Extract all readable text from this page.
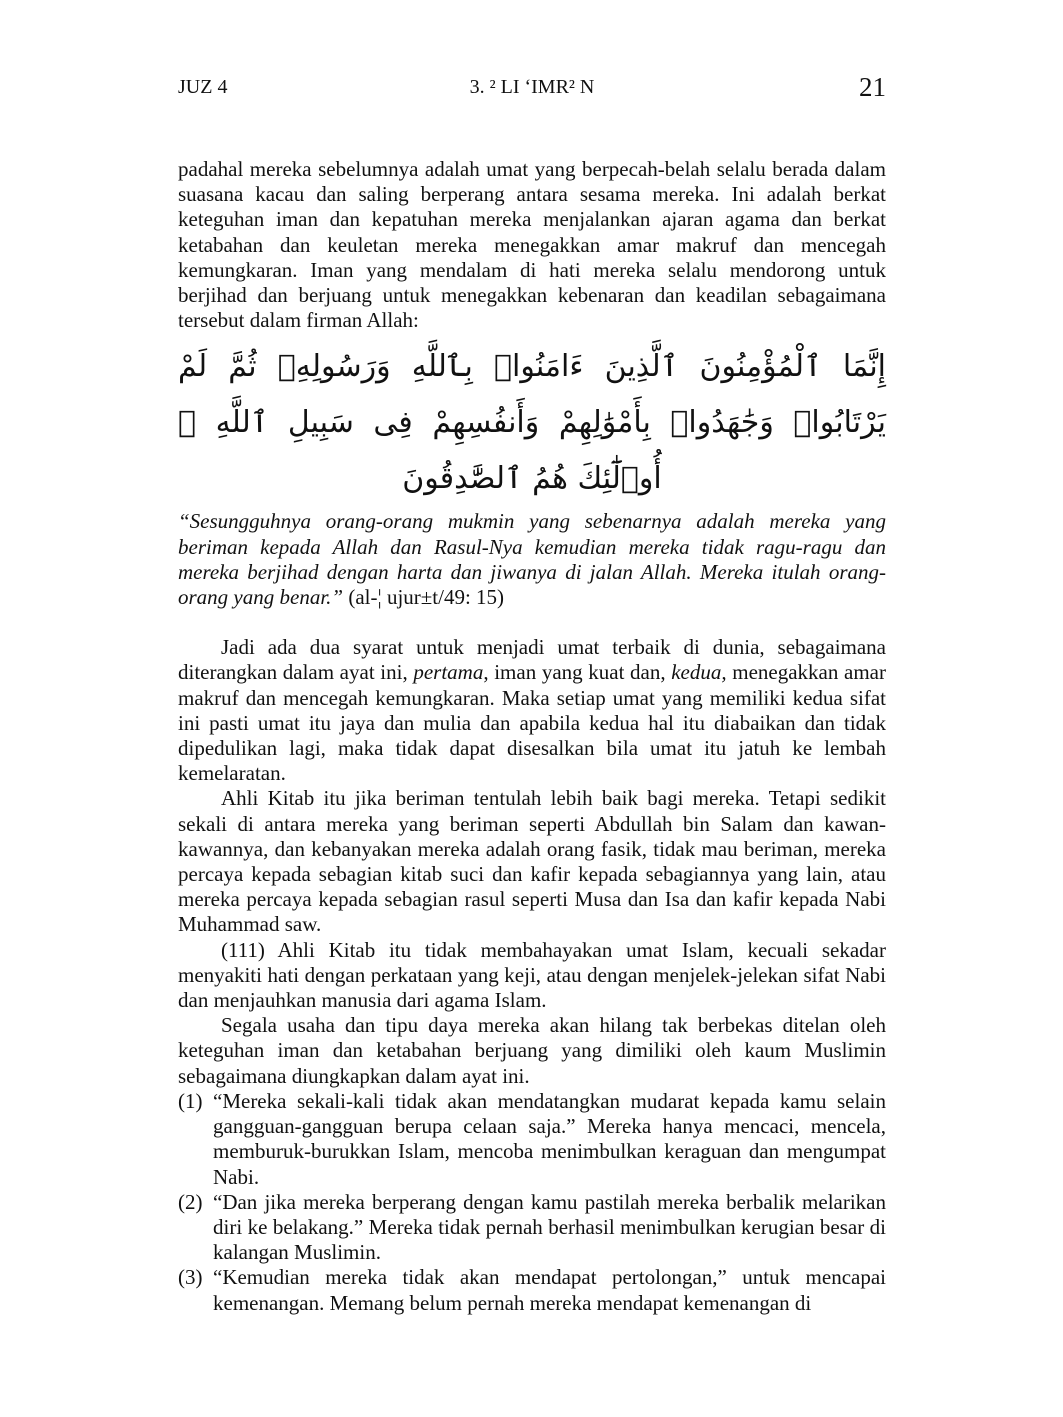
JUZ 4	3. ² LI ‘IMR² N	21

padahal mereka sebelumnya adalah umat yang berpecah-belah selalu berada dalam suasana kacau dan saling berperang antara sesama mereka. Ini adalah berkat keteguhan iman dan kepatuhan mereka menjalankan ajaran agama dan berkat ketabahan dan keuletan mereka menegakkan amar makruf dan mencegah kemungkaran. Iman yang mendalam di hati mereka selalu mendorong untuk berjihad dan berjuang untuk menegakkan kebenaran dan keadilan sebagaimana tersebut dalam firman Allah:

إِنَّمَا ٱلْمُؤْمِنُونَ ٱلَّذِينَ ءَامَنُوا۟ بِٱللَّهِ وَرَسُولِهِۦ ثُمَّ لَمْ يَرْتَابُوا۟ وَجَٰهَدُوا۟ بِأَمْوَٰلِهِمْ وَأَنفُسِهِمْ فِى سَبِيلِ ٱللَّهِ ۚ أُو۟لَٰٓئِكَ هُمُ ٱلصَّٰدِقُونَ

“Sesungguhnya orang-orang mukmin yang sebenarnya adalah mereka yang beriman kepada Allah dan Rasul-Nya kemudian mereka tidak ragu-ragu dan mereka berjihad dengan harta dan jiwanya di jalan Allah. Mereka itulah orang-orang yang benar.” (al-¦ ujur±t/49: 15)

Jadi ada dua syarat untuk menjadi umat terbaik di dunia, sebagaimana diterangkan dalam ayat ini, pertama, iman yang kuat dan, kedua, menegakkan amar makruf dan mencegah kemungkaran. Maka setiap umat yang memiliki kedua sifat ini pasti umat itu jaya dan mulia dan apabila kedua hal itu diabaikan dan tidak dipedulikan lagi, maka tidak dapat disesalkan bila umat itu jatuh ke lembah kemelaratan.

Ahli Kitab itu jika beriman tentulah lebih baik bagi mereka. Tetapi sedikit sekali di antara mereka yang beriman seperti Abdullah bin Salam dan kawan-kawannya, dan kebanyakan mereka adalah orang fasik, tidak mau beriman, mereka percaya kepada sebagian kitab suci dan kafir kepada sebagiannya yang lain, atau mereka percaya kepada sebagian rasul seperti Musa dan Isa dan kafir kepada Nabi Muhammad saw.

(111) Ahli Kitab itu tidak membahayakan umat Islam, kecuali sekadar menyakiti hati dengan perkataan yang keji, atau dengan menjelek-jelekan sifat Nabi dan menjauhkan manusia dari agama Islam.

Segala usaha dan tipu daya mereka akan hilang tak berbekas ditelan oleh keteguhan iman dan ketabahan berjuang yang dimiliki oleh kaum Muslimin sebagaimana diungkapkan dalam ayat ini.

(1) “Mereka sekali-kali tidak akan mendatangkan mudarat kepada kamu selain gangguan-gangguan berupa celaan saja.” Mereka hanya mencaci, mencela, memburuk-burukkan Islam, mencoba menimbulkan keraguan dan mengumpat Nabi.
(2) “Dan jika mereka berperang dengan kamu pastilah mereka berbalik melarikan diri ke belakang.” Mereka tidak pernah berhasil menimbulkan kerugian besar di kalangan Muslimin.
(3) “Kemudian mereka tidak akan mendapat pertolongan,” untuk mencapai kemenangan. Memang belum pernah mereka mendapat kemenangan di
